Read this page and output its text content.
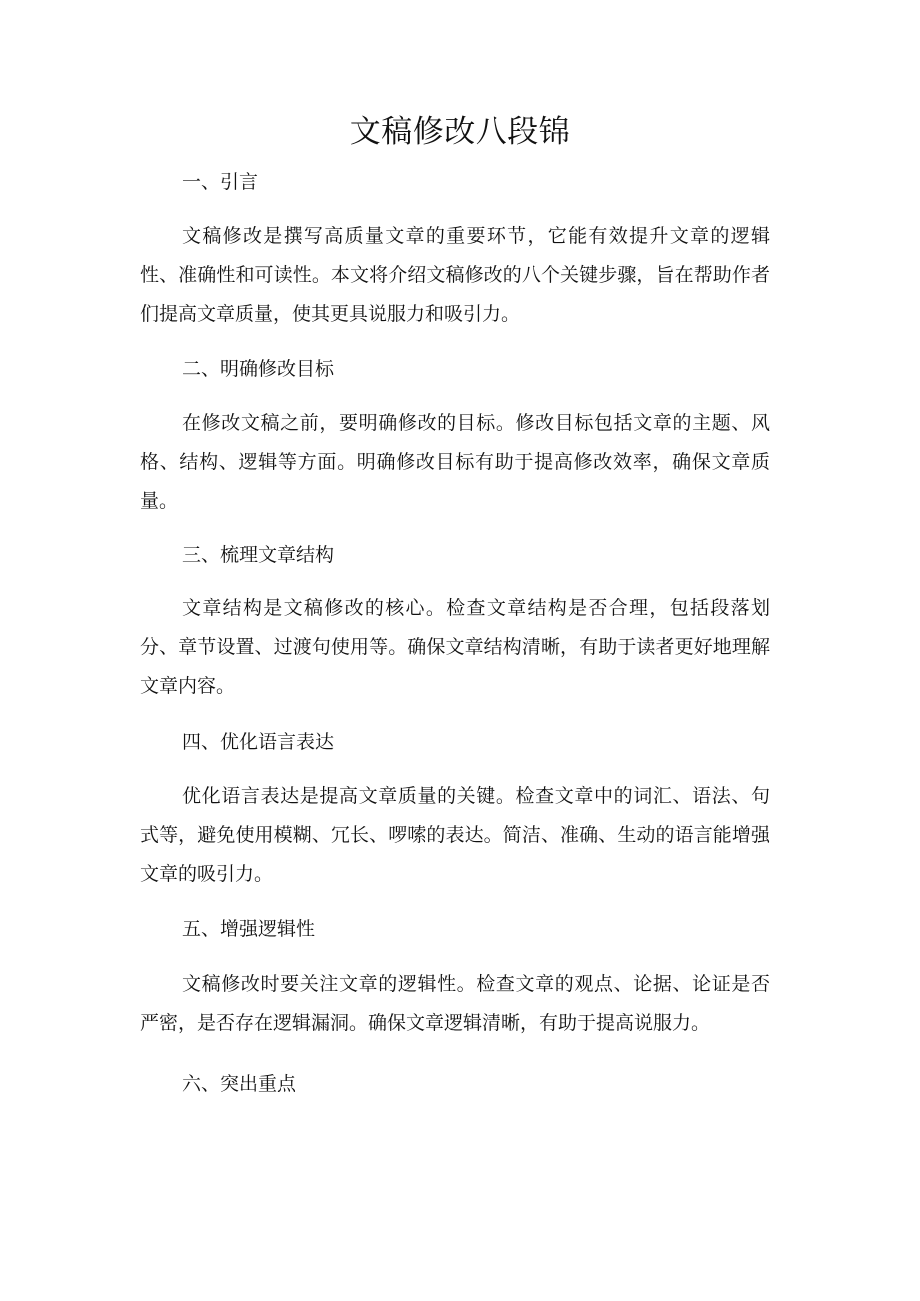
文稿修改八段锦
一、引言
文稿修改是撰写高质量文章的重要环节，它能有效提升文章的逻辑性、准确性和可读性。本文将介绍文稿修改的八个关键步骤，旨在帮助作者们提高文章质量，使其更具说服力和吸引力。
二、明确修改目标
在修改文稿之前，要明确修改的目标。修改目标包括文章的主题、风格、结构、逻辑等方面。明确修改目标有助于提高修改效率，确保文章质量。
三、梳理文章结构
文章结构是文稿修改的核心。检查文章结构是否合理，包括段落划分、章节设置、过渡句使用等。确保文章结构清晰，有助于读者更好地理解文章内容。
四、优化语言表达
优化语言表达是提高文章质量的关键。检查文章中的词汇、语法、句式等，避免使用模糊、冗长、啰嗦的表达。简洁、准确、生动的语言能增强文章的吸引力。
五、增强逻辑性
文稿修改时要关注文章的逻辑性。检查文章的观点、论据、论证是否严密，是否存在逻辑漏洞。确保文章逻辑清晰，有助于提高说服力。
六、突出重点
